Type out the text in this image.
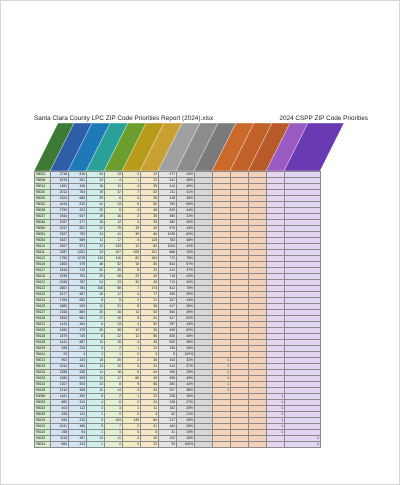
Santa Clara County LPC ZIP Code Priorities Report (2024).xlsx	2024 CSPP ZIP Code Priorities
95002	2718	816	94	13	2	12	477	44%							
95008	1678	961	33	4	1	22	341	38%							
95014	1461	445	16	11	4	35	414	46%							
95020	2012	754	19	47	7	52	211	41%							
95030	1524	680	25	6	4	28	318	36%							
95032	1615	815	41	13	6	60	750	55%							
95035	1790	422	20	8	4	48	620	44%							
95037	1544	607	19	16	2	35	450	31%							
95046	1057	477	15	12	3	25	382	40%							
95050	2247	802	22	79	19	42	575	43%							
95051	2927	783	24	41	39	66	1045	63%							
95054	1827	569	11	17	6	119	783	48%							
95110	1507	871	22	133	12	84	1004	41%							
95111	2287	1001	23	107	108	101	668	76%							
95112	1750	1078	115	116	82	154	772	75%							
95116	2305	475	46	52	15	80	844	57%							
95117	1544	712	32	35	8	22	414	47%							
95118	1939	751	29	28	22	42	718	42%							
95121	2345	787	24	23	32	40	713	42%							
95122	2667	784	108	58	7	174	812	75%							
95123	2477	557	19	17	4	77	495	39%							
95124	1784	650	8	5	2	21	327	44%							
95125	1580	543	12	21	8	36	417	36%							
95127	2166	880	20	16	14	62	564	49%							
95128	1592	661	17	16	5	61	427	52%							
95131	1143	464	6	13	4	52	297	43%							
95133	1460	479	26	38	12	30	408	62%							
95136	1879	740	8	22	11	56	536	45%							
95138	1441	887	11	15	4	45	500	48%							
95139	455	226	3	2	1	12	135	35%							
95141	23	4	1	1	0	3	5	100%							
95013	902	420	15	20	2	28	343	32%		1					
95019	1044	461	13	10	3	24	314	37%		1					
95126	1288	538	11	16	6	64	295	29%		1					
95130	1080	505	12	17	66	40	296	45%		1					
95134	1307	503	13	8	9	68	284	44%		1					
95135	1210	408	10	14	3	43	207	38%		1					
94085	1161	450	8	2	1	22	228	36%					1		
95033	880	310	4	6	2	24	128	27%					1		
95043	403	112	2	3	1	11	152	28%					1		
95045	208	121	1	0	0	4	52	21%					1		
95119	540	210	3	104	149	84	217	28%					1		
95120	1041	486	9	7	2	41	164	26%					1		
95140	198	94	1	1	0	6	31	19%					1		
94022	1115	497	14	11	4	40	102	18%						1	
95024	860	413	1	0	0	22	93	100%						1	
